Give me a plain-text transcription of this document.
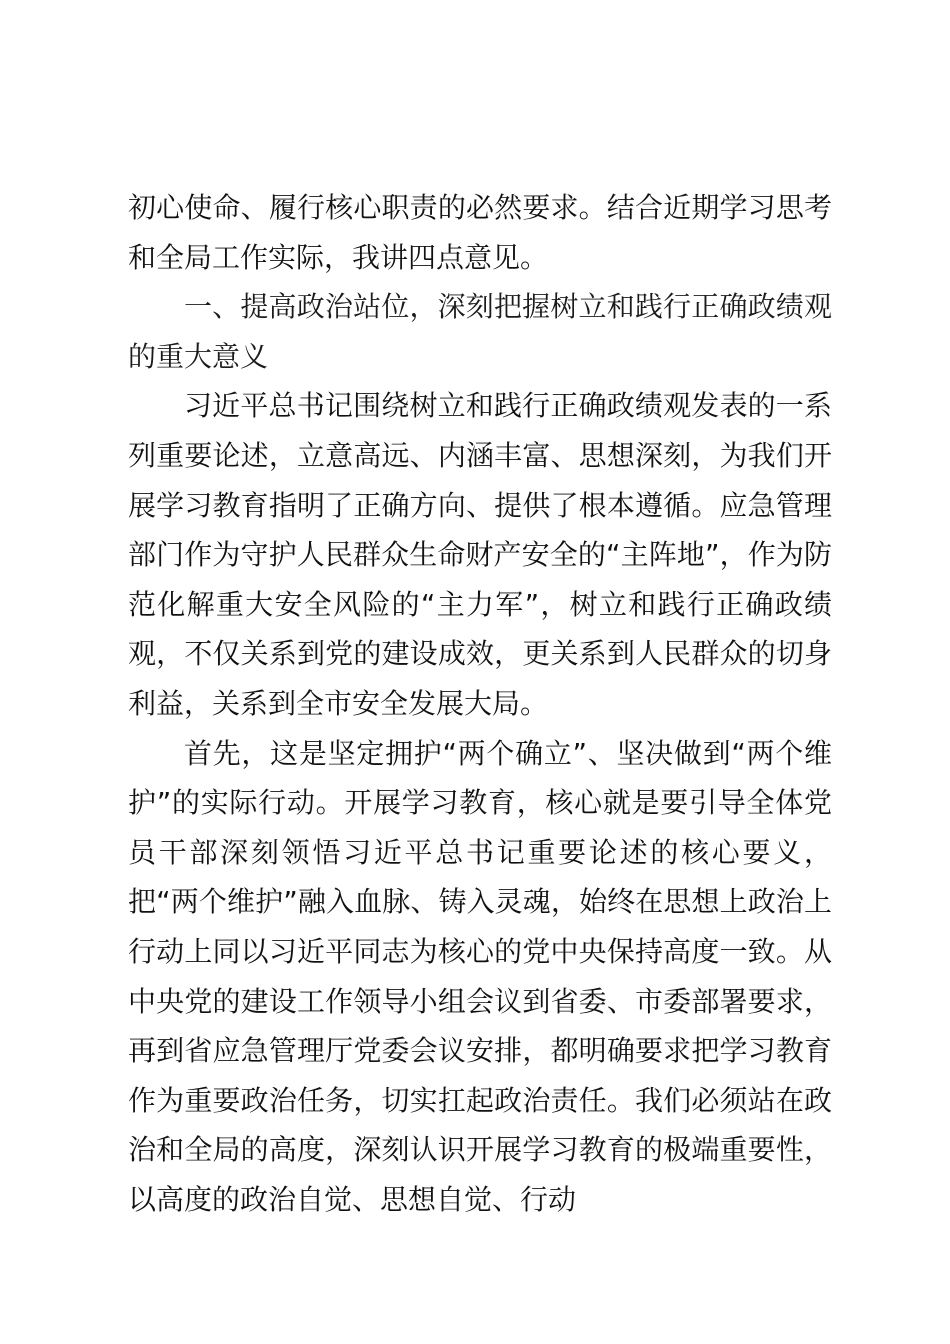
初心使命、履行核心职责的必然要求。结合近期学习思考和全局工作实际，我讲四点意见。

一、提高政治站位，深刻把握树立和践行正确政绩观的重大意义

习近平总书记围绕树立和践行正确政绩观发表的一系列重要论述，立意高远、内涵丰富、思想深刻，为我们开展学习教育指明了正确方向、提供了根本遵循。应急管理部门作为守护人民群众生命财产安全的“主阵地”，作为防范化解重大安全风险的“主力军”，树立和践行正确政绩观，不仅关系到党的建设成效，更关系到人民群众的切身利益，关系到全市安全发展大局。

首先，这是坚定拥护“两个确立”、坚决做到“两个维护”的实际行动。开展学习教育，核心就是要引导全体党员干部深刻领悟习近平总书记重要论述的核心要义，把“两个维护”融入血脉、铸入灵魂，始终在思想上政治上行动上同以习近平同志为核心的党中央保持高度一致。从中央党的建设工作领导小组会议到省委、市委部署要求，再到省应急管理厅党委会议安排，都明确要求把学习教育作为重要政治任务，切实扛起政治责任。我们必须站在政治和全局的高度，深刻认识开展学习教育的极端重要性，以高度的政治自觉、思想自觉、行动
